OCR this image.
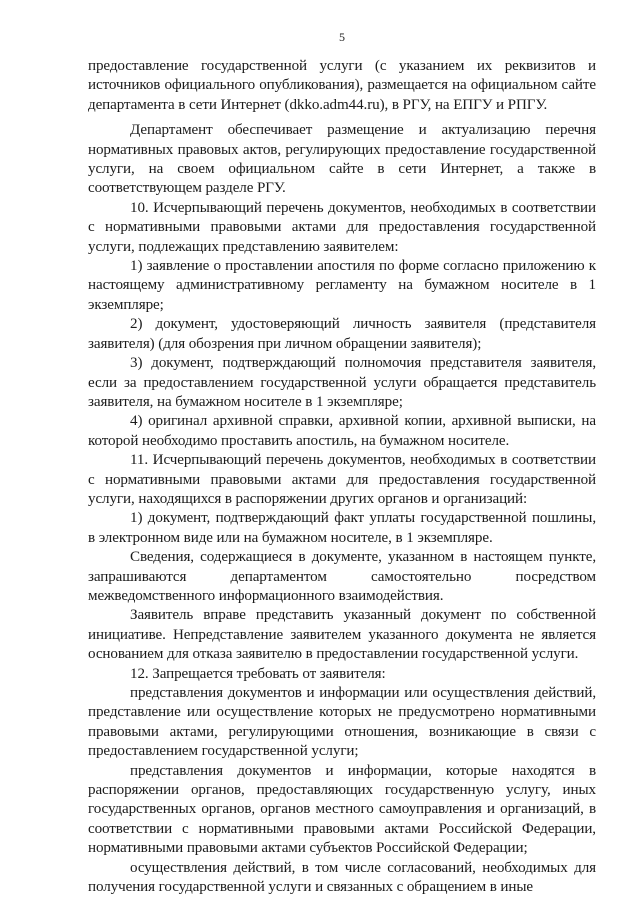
5

предоставление государственной услуги (с указанием их реквизитов и источников официального опубликования), размещается на официальном сайте департамента в сети Интернет (dkko.adm44.ru), в РГУ, на ЕПГУ и РПГУ.

Департамент обеспечивает размещение и актуализацию перечня нормативных правовых актов, регулирующих предоставление государственной услуги, на своем официальном сайте в сети Интернет, а также в соответствующем разделе РГУ.

10. Исчерпывающий перечень документов, необходимых в соответствии с нормативными правовыми актами для предоставления государственной услуги, подлежащих представлению заявителем:

1) заявление о проставлении апостиля по форме согласно приложению к настоящему административному регламенту на бумажном носителе в 1 экземпляре;

2) документ, удостоверяющий личность заявителя (представителя заявителя) (для обозрения при личном обращении заявителя);

3) документ, подтверждающий полномочия представителя заявителя, если за предоставлением государственной услуги обращается представитель заявителя, на бумажном носителе в 1 экземпляре;

4) оригинал архивной справки, архивной копии, архивной выписки, на которой необходимо проставить апостиль, на бумажном носителе.

11. Исчерпывающий перечень документов, необходимых в соответствии с нормативными правовыми актами для предоставления государственной услуги, находящихся в распоряжении других органов и организаций:

1) документ, подтверждающий факт уплаты государственной пошлины, в электронном виде или на бумажном носителе, в 1 экземпляре.

Сведения, содержащиеся в документе, указанном в настоящем пункте, запрашиваются департаментом самостоятельно посредством межведомственного информационного взаимодействия.

Заявитель вправе представить указанный документ по собственной инициативе. Непредставление заявителем указанного документа не является основанием для отказа заявителю в предоставлении государственной услуги.

12. Запрещается требовать от заявителя:

представления документов и информации или осуществления действий, представление или осуществление которых не предусмотрено нормативными правовыми актами, регулирующими отношения, возникающие в связи с предоставлением государственной услуги;

представления документов и информации, которые находятся в распоряжении органов, предоставляющих государственную услугу, иных государственных органов, органов местного самоуправления и организаций, в соответствии с нормативными правовыми актами Российской Федерации, нормативными правовыми актами субъектов Российской Федерации;

осуществления действий, в том числе согласований, необходимых для получения государственной услуги и связанных с обращением в иные
